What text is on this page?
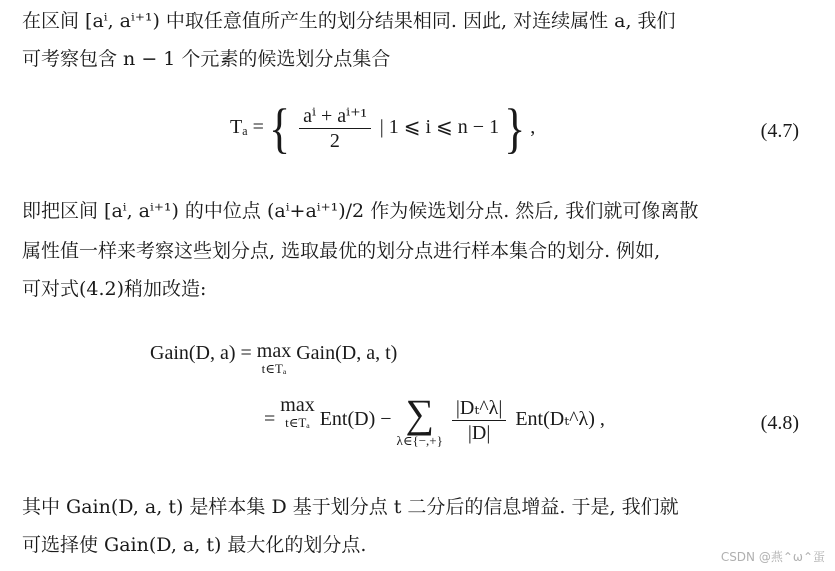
在区间 [aⁱ, aⁱ⁺¹) 中取任意值所产生的划分结果相同. 因此, 对连续属性 a, 我们
可考察包含 n − 1 个元素的候选划分点集合
Tₐ = { $\frac{\text{aⁱ + aⁱ⁺¹}}{2}$ | 1 ⩽ i ⩽ n − 1 } ,	(4.7)
即把区间 [aⁱ, aⁱ⁺¹) 的中位点 (aⁱ+aⁱ⁺¹)/2 作为候选划分点. 然后, 我们就可像离散
属性值一样来考察这些划分点, 选取最优的划分点进行样本集合的划分. 例如,
可对式(4.2)稍加改造:
Gain(D, a) = max
t∈Tₐ
Gain(D, a, t)
=
max
t∈Tₐ Ent(D) − ∑
λ∈{−,+}
$\frac{\text{|Dₜ\textasciicircum{}λ|}}{|D|}$ Ent(Dₜ^λ) ,	(4.8)
其中 Gain(D, a, t) 是样本集 D 基于划分点 t 二分后的信息增益. 于是, 我们就
可选择使 Gain(D, a, t) 最大化的划分点.
CSDN @燕⌃ω⌃蛋
